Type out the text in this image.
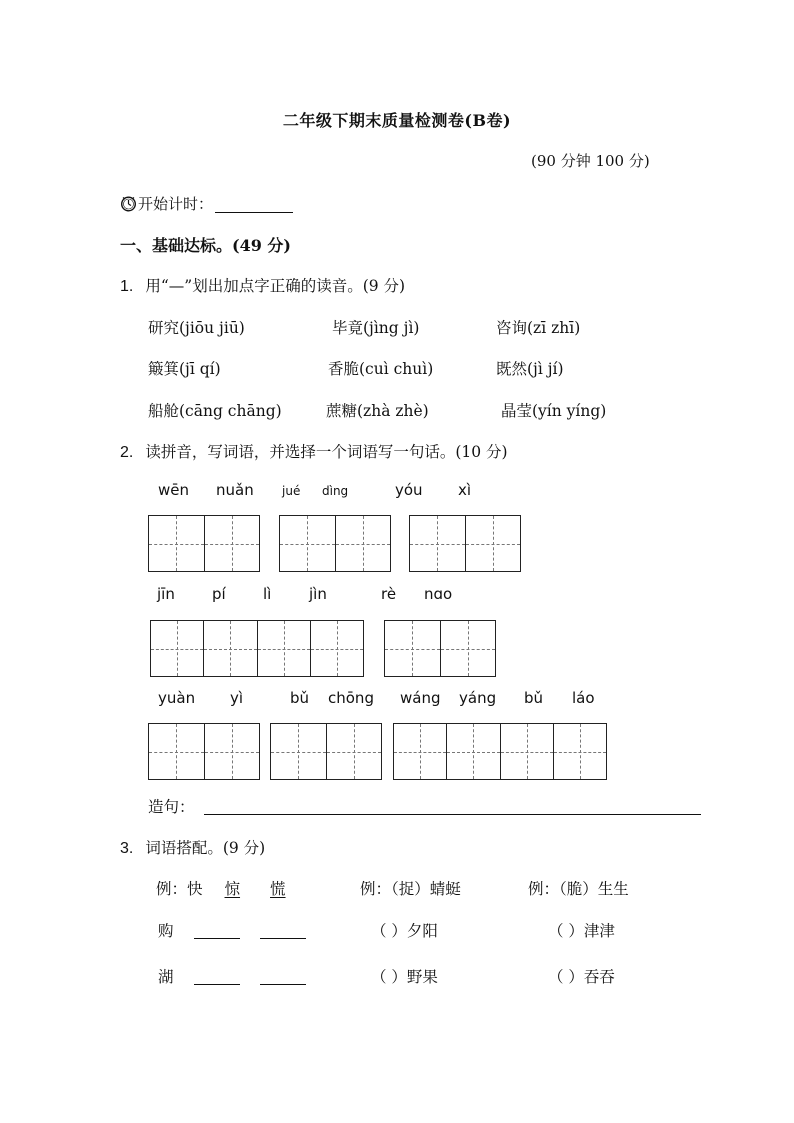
二年级下期末质量检测卷(B卷)
(90 分钟 100 分)
开始计时：
一、基础达标。(49 分)
1. 用“—”划出加点字正确的读音。(9 分)
研究(jiōu jiū)	毕竟(jìng jì)	咨询(zī zhī)
簸箕(jī qí)	香脆(cuì chuì)	既然(jì jí)
船舱(cāng chāng)	蔗糖(zhà zhè)	晶莹(yín yíng)
2. 读拼音，写词语，并选择一个词语写一句话。(10 分)
wēn nuǎn jué dìng	yóu xì
jīn pí lì	jìn	rè nɑo
yuàn yì	bǔ chōng wáng yáng bǔ láo
造句：
3. 词语搭配。(9 分)
例：快 惊 慌	例：（捉）蜻蜓	例：（脆）生生
购	（ ）夕阳	（ ）津津
湖	（ ）野果	（ ）吞吞
